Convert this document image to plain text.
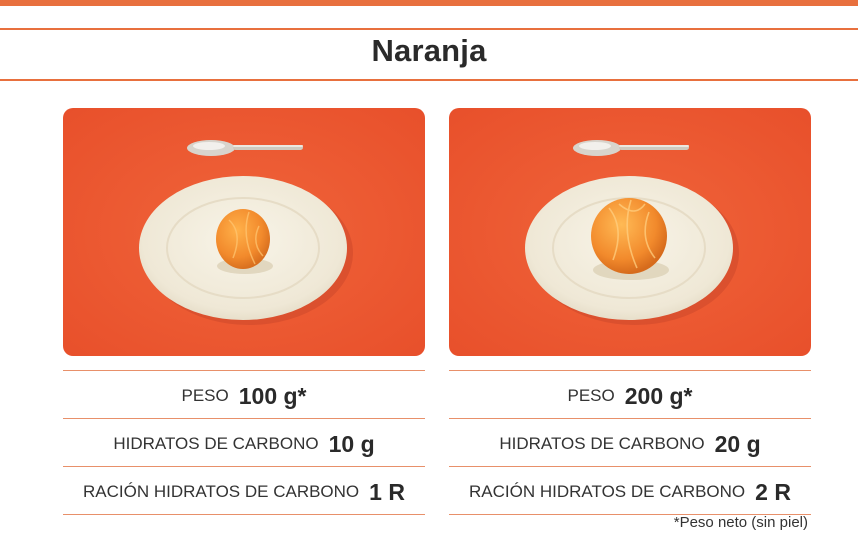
Naranja
PESO 100 g*
HIDRATOS DE CARBONO 10 g
RACIÓN HIDRATOS DE CARBONO 1 R
PESO 200 g*
HIDRATOS DE CARBONO 20 g
RACIÓN HIDRATOS DE CARBONO 2 R
*Peso neto (sin piel)
